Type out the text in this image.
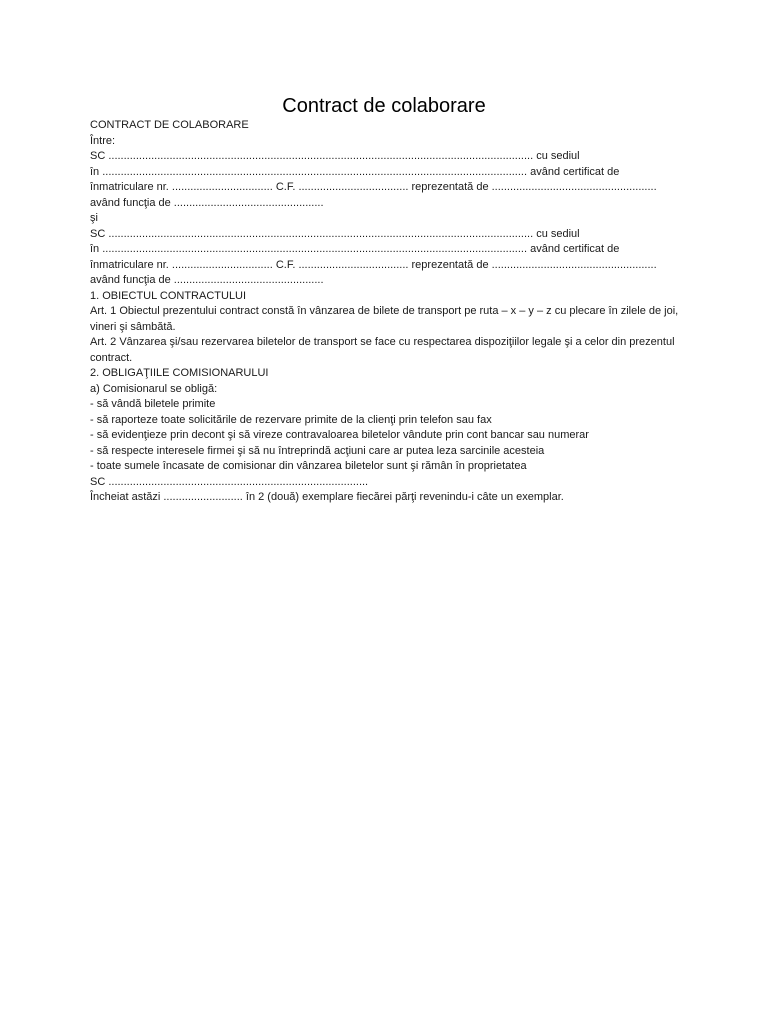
Contract de colaborare
CONTRACT DE COLABORARE
Între:
SC ........................................................................................................................................... cu sediul
în ........................................................................................................................................... având certificat de
înmatriculare nr. ................................. C.F. .................................... reprezentată de ......................................................
având funcţia de .................................................
şi
SC ........................................................................................................................................... cu sediul
în ........................................................................................................................................... având certificat de
înmatriculare nr. ................................. C.F. .................................... reprezentată de ......................................................
având funcţia de .................................................
1. OBIECTUL CONTRACTULUI
Art. 1 Obiectul prezentului contract constă în vânzarea de bilete de transport pe ruta – x – y – z cu plecare în zilele de joi, vineri şi sâmbătă.
Art. 2 Vânzarea şi/sau rezervarea biletelor de transport se face cu respectarea dispoziţiilor legale şi a celor din prezentul contract.
2. OBLIGAŢIILE COMISIONARULUI
a) Comisionarul se obligă:
- să vândă biletele primite
- să raporteze toate solicitările de rezervare primite de la clienţi prin telefon sau fax
- să evidenţieze prin decont şi să vireze contravaloarea biletelor vândute prin cont bancar sau numerar
- să respecte interesele firmei şi să nu întreprindă acţiuni care ar putea leza sarcinile acesteia
- toate sumele încasate de comisionar din vânzarea biletelor sunt şi rămân în proprietatea
SC .....................................................................................
Încheiat astăzi .......................... în 2 (două) exemplare fiecărei părţi revenindu-i câte un exemplar.
